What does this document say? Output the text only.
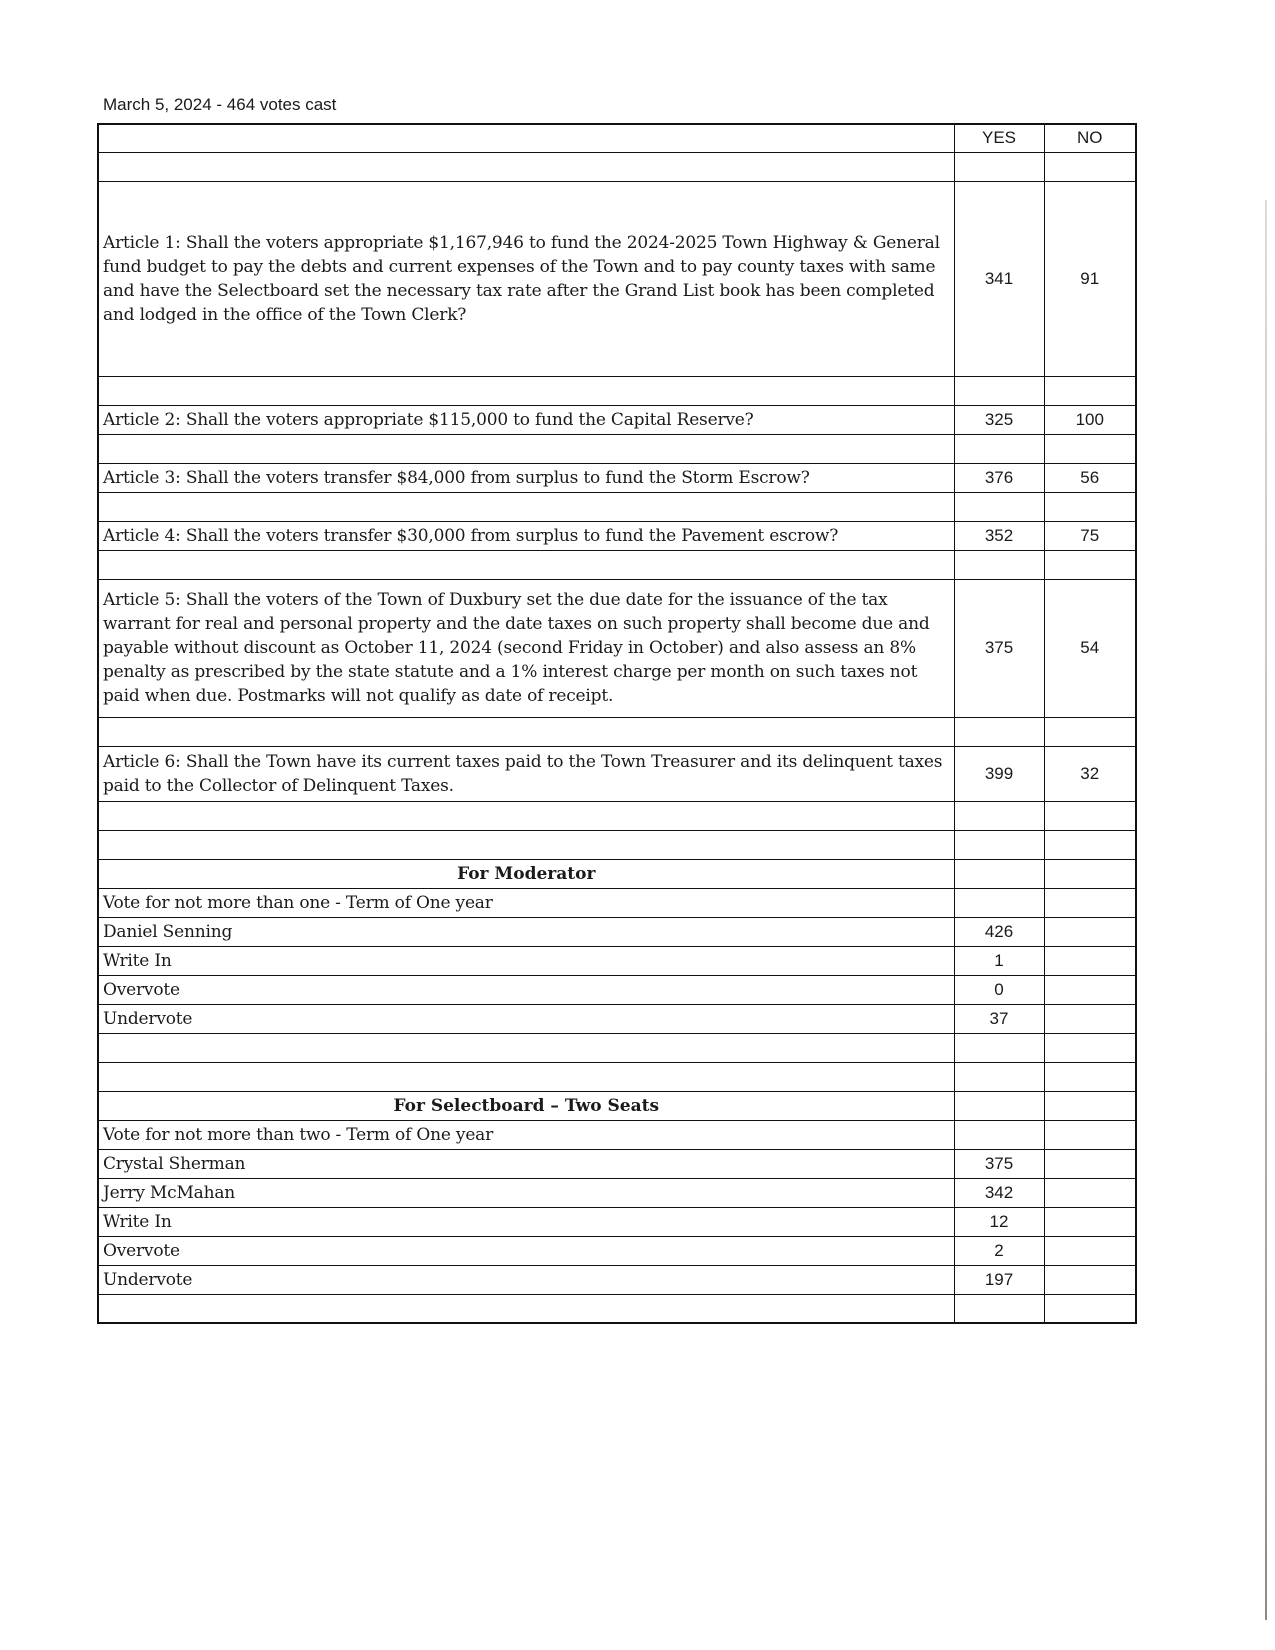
March 5, 2024 - 464 votes cast
	YES	NO

Article 1: Shall the voters appropriate $1,167,946 to fund the 2024-2025 Town Highway & General fund budget to pay the debts and current expenses of the Town and to pay county taxes with same and have the Selectboard set the necessary tax rate after the Grand List book has been completed and lodged in the office of the Town Clerk?	341	91

Article 2: Shall the voters appropriate $115,000 to fund the Capital Reserve?	325	100

Article 3: Shall the voters transfer $84,000 from surplus to fund the Storm Escrow?	376	56

Article 4: Shall the voters transfer $30,000 from surplus to fund the Pavement escrow?	352	75

Article 5: Shall the voters of the Town of Duxbury set the due date for the issuance of the tax warrant for real and personal property and the date taxes on such property shall become due and payable without discount as October 11, 2024 (second Friday in October) and also assess an 8% penalty as prescribed by the state statute and a 1% interest charge per month on such taxes not paid when due. Postmarks will not qualify as date of receipt.	375	54

Article 6: Shall the Town have its current taxes paid to the Town Treasurer and its delinquent taxes paid to the Collector of Delinquent Taxes.	399	32

For Moderator		
Vote for not more than one - Term of One year		
Daniel Senning	426	
Write In	1	
Overvote	0	
Undervote	37	

For Selectboard – Two Seats		
Vote for not more than two - Term of One year		
Crystal Sherman	375	
Jerry McMahan	342	
Write In	12	
Overvote	2	
Undervote	197	
